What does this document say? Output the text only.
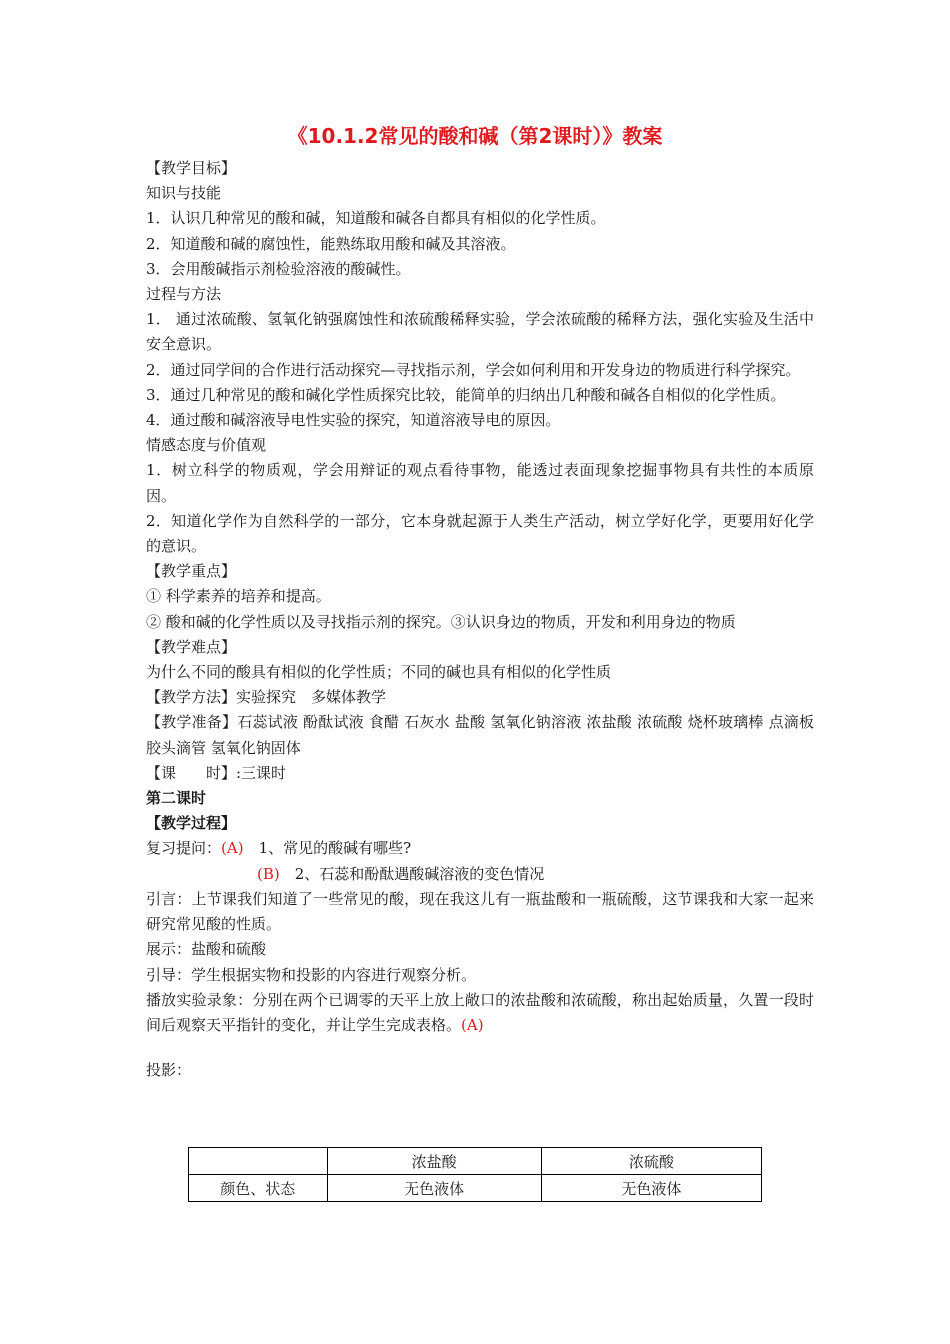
《10.1.2常见的酸和碱（第2课时）》教案
【教学目标】
知识与技能
1．认识几种常见的酸和碱，知道酸和碱各自都具有相似的化学性质。
2．知道酸和碱的腐蚀性，能熟练取用酸和碱及其溶液。
3．会用酸碱指示剂检验溶液的酸碱性。
过程与方法
1． 通过浓硫酸、氢氧化钠强腐蚀性和浓硫酸稀释实验，学会浓硫酸的稀释方法，强化实验及生活中安全意识。
2．通过同学间的合作进行活动探究—寻找指示剂，学会如何利用和开发身边的物质进行科学探究。
3．通过几种常见的酸和碱化学性质探究比较，能简单的归纳出几种酸和碱各自相似的化学性质。
4．通过酸和碱溶液导电性实验的探究，知道溶液导电的原因。
情感态度与价值观
1．树立科学的物质观，学会用辩证的观点看待事物，能透过表面现象挖掘事物具有共性的本质原因。
2．知道化学作为自然科学的一部分，它本身就起源于人类生产活动，树立学好化学，更要用好化学的意识。
【教学重点】
① 科学素养的培养和提高。
② 酸和碱的化学性质以及寻找指示剂的探究。③认识身边的物质，开发和利用身边的物质
【教学难点】
为什么不同的酸具有相似的化学性质；不同的碱也具有相似的化学性质
【教学方法】实验探究　多媒体教学
【教学准备】石蕊试液 酚酞试液 食醋 石灰水 盐酸 氢氧化钠溶液 浓盐酸 浓硫酸 烧杯玻璃棒 点滴板 胶头滴管 氢氧化钠固体
【课　　时】:三课时
第二课时
【教学过程】
复习提问：(A)　1、常见的酸碱有哪些?
(B)　2、石蕊和酚酞遇酸碱溶液的变色情况
引言：上节课我们知道了一些常见的酸，现在我这儿有一瓶盐酸和一瓶硫酸，这节课我和大家一起来研究常见酸的性质。
展示：盐酸和硫酸
引导：学生根据实物和投影的内容进行观察分析。
播放实验录象：分别在两个已调零的天平上放上敞口的浓盐酸和浓硫酸，称出起始质量，久置一段时间后观察天平指针的变化，并让学生完成表格。(A)
投影：
	浓盐酸	浓硫酸
颜色、状态	无色液体	无色液体
